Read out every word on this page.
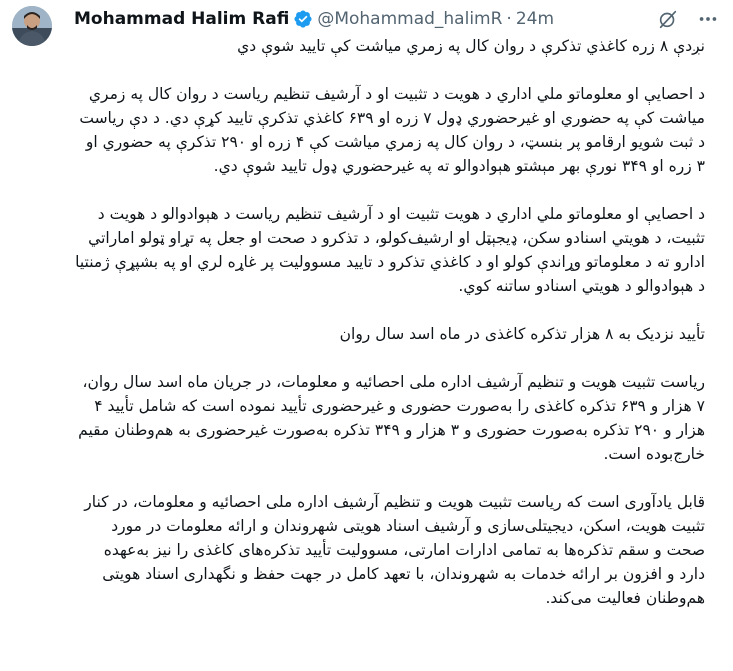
Mohammad Halim Rafi @Mohammad_halimR · 24m

نږدې ۸ زره کاغذي تذکرې د روان کال په زمري میاشت کې تایید شوې دي

د احصایې او معلوماتو ملي اداري د هویت د تثبیت او د آرشیف تنظیم ریاست د روان کال په زمري میاشت کې په حضوري او غیرحضوري ډول ۷ زره او ۶۳۹ کاغذي تذکرې تایید کړې دي. د دې ریاست د ثبت شویو ارقامو پر بنسټ، د روان کال په زمري میاشت کې ۴ زره او ۲۹۰ تذکرې په حضوري او ۳ زره او ۳۴۹ نورې بهر مېشتو هېوادوالو ته په غیرحضوري ډول تایید شوې دي.

د احصایې او معلوماتو ملي اداري د هویت تثبیت او د آرشیف تنظیم ریاست د هېوادوالو د هویت د تثبیت، د هویتي اسنادو سکن، ډیجېټل او ارشیف‌کولو، د تذکرو د صحت او جعل په تړاو ټولو اماراتي ادارو ته د معلوماتو وړاندې کولو او د کاغذي تذکرو د تایید مسوولیت پر غاړه لري او په بشپړې ژمنتیا د هېوادوالو د هویتي اسنادو ساتنه کوي.

تأیید نزدیک به ۸ هزار تذکره کاغذی در ماه اسد سال روان

ریاست تثبیت هویت و تنظیم آرشیف اداره ملی احصائیه و معلومات، در جریان ماه اسد سال روان، ۷ هزار و ۶۳۹ تذکره کاغذی را به‌صورت حضوری و غیرحضوری تأیید نموده است که شامل تأیید ۴ هزار و ۲۹۰ تذکره به‌صورت حضوری و ۳ هزار و ۳۴۹ تذکره به‌صورت غیرحضوری به هم‌وطنان مقیم خارج‌بوده است.

قابل یادآوری است که ریاست تثبیت هویت و تنظیم آرشیف اداره ملی احصائیه و معلومات، در کنار تثبیت هویت، اسکن، دیجیتلی‌سازی و آرشیف اسناد هویتی شهروندان و ارائه معلومات در مورد صحت و سقم تذکره‌ها به تمامی ادارات امارتی، مسوولیت تأیید تذکره‌های کاغذی را نیز به‌عهده دارد و افزون بر ارائه خدمات به شهروندان، با تعهد کامل در جهت حفظ و نگهداری اسناد هویتی هم‌وطنان فعالیت می‌کند.
